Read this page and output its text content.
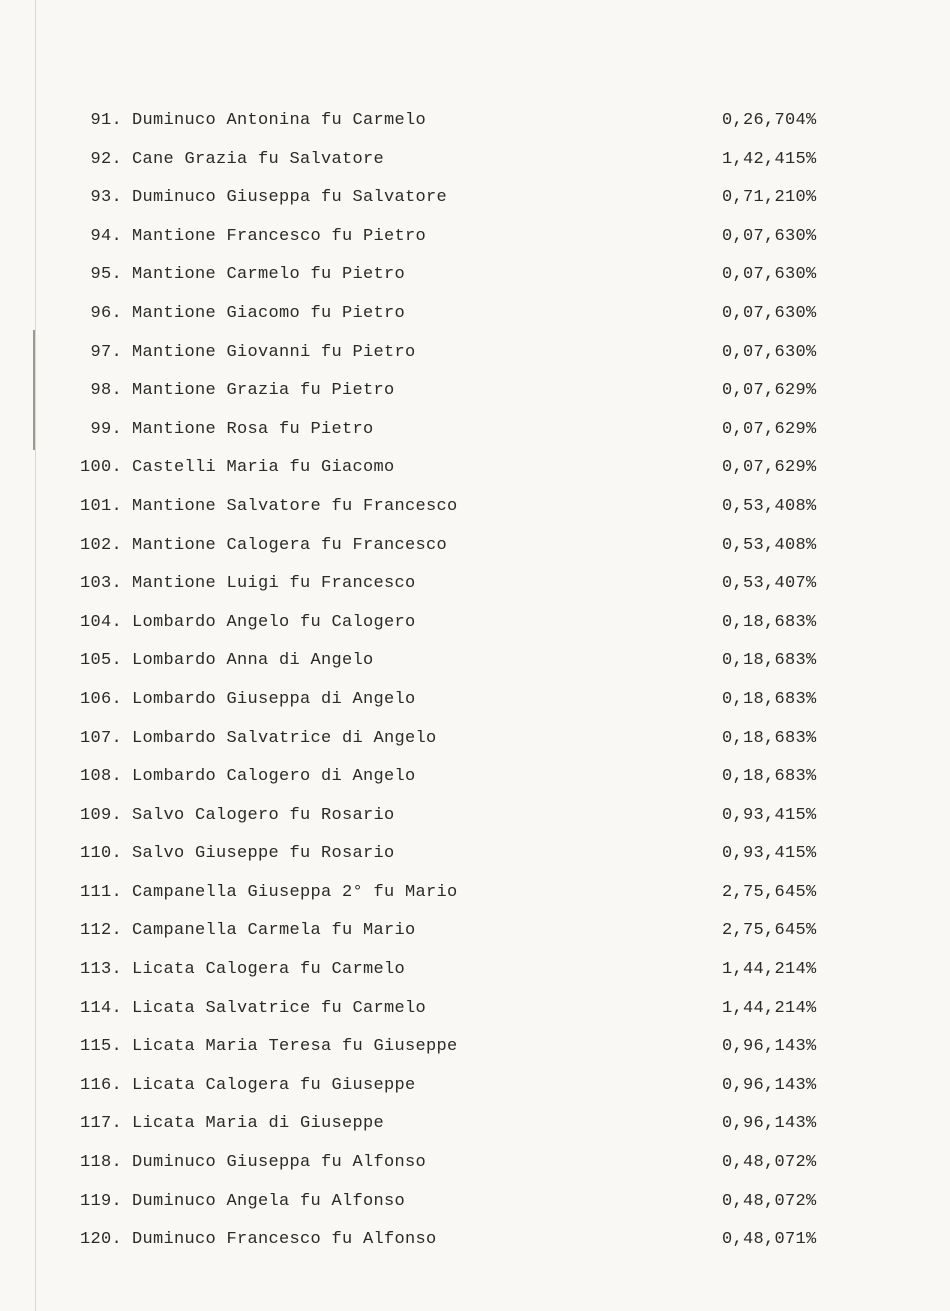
91. Duminuco Antonina fu Carmelo	0,26,704%
92. Cane Grazia fu Salvatore	1,42,415%
93. Duminuco Giuseppa fu Salvatore	0,71,210%
94. Mantione Francesco fu Pietro	0,07,630%
95. Mantione Carmelo fu Pietro	0,07,630%
96. Mantione Giacomo fu Pietro	0,07,630%
97. Mantione Giovanni fu Pietro	0,07,630%
98. Mantione Grazia fu Pietro	0,07,629%
99. Mantione Rosa fu Pietro	0,07,629%
100. Castelli Maria fu Giacomo	0,07,629%
101. Mantione Salvatore fu Francesco	0,53,408%
102. Mantione Calogera fu Francesco	0,53,408%
103. Mantione Luigi fu Francesco	0,53,407%
104. Lombardo Angelo fu Calogero	0,18,683%
105. Lombardo Anna di Angelo	0,18,683%
106. Lombardo Giuseppa di Angelo	0,18,683%
107. Lombardo Salvatrice di Angelo	0,18,683%
108. Lombardo Calogero di Angelo	0,18,683%
109. Salvo Calogero fu Rosario	0,93,415%
110. Salvo Giuseppe fu Rosario	0,93,415%
111. Campanella Giuseppa 2° fu Mario	2,75,645%
112. Campanella Carmela fu Mario	2,75,645%
113. Licata Calogera fu Carmelo	1,44,214%
114. Licata Salvatrice fu Carmelo	1,44,214%
115. Licata Maria Teresa fu Giuseppe	0,96,143%
116. Licata Calogera fu Giuseppe	0,96,143%
117. Licata Maria di Giuseppe	0,96,143%
118. Duminuco Giuseppa fu Alfonso	0,48,072%
119. Duminuco Angela fu Alfonso	0,48,072%
120. Duminuco Francesco fu Alfonso	0,48,071%
